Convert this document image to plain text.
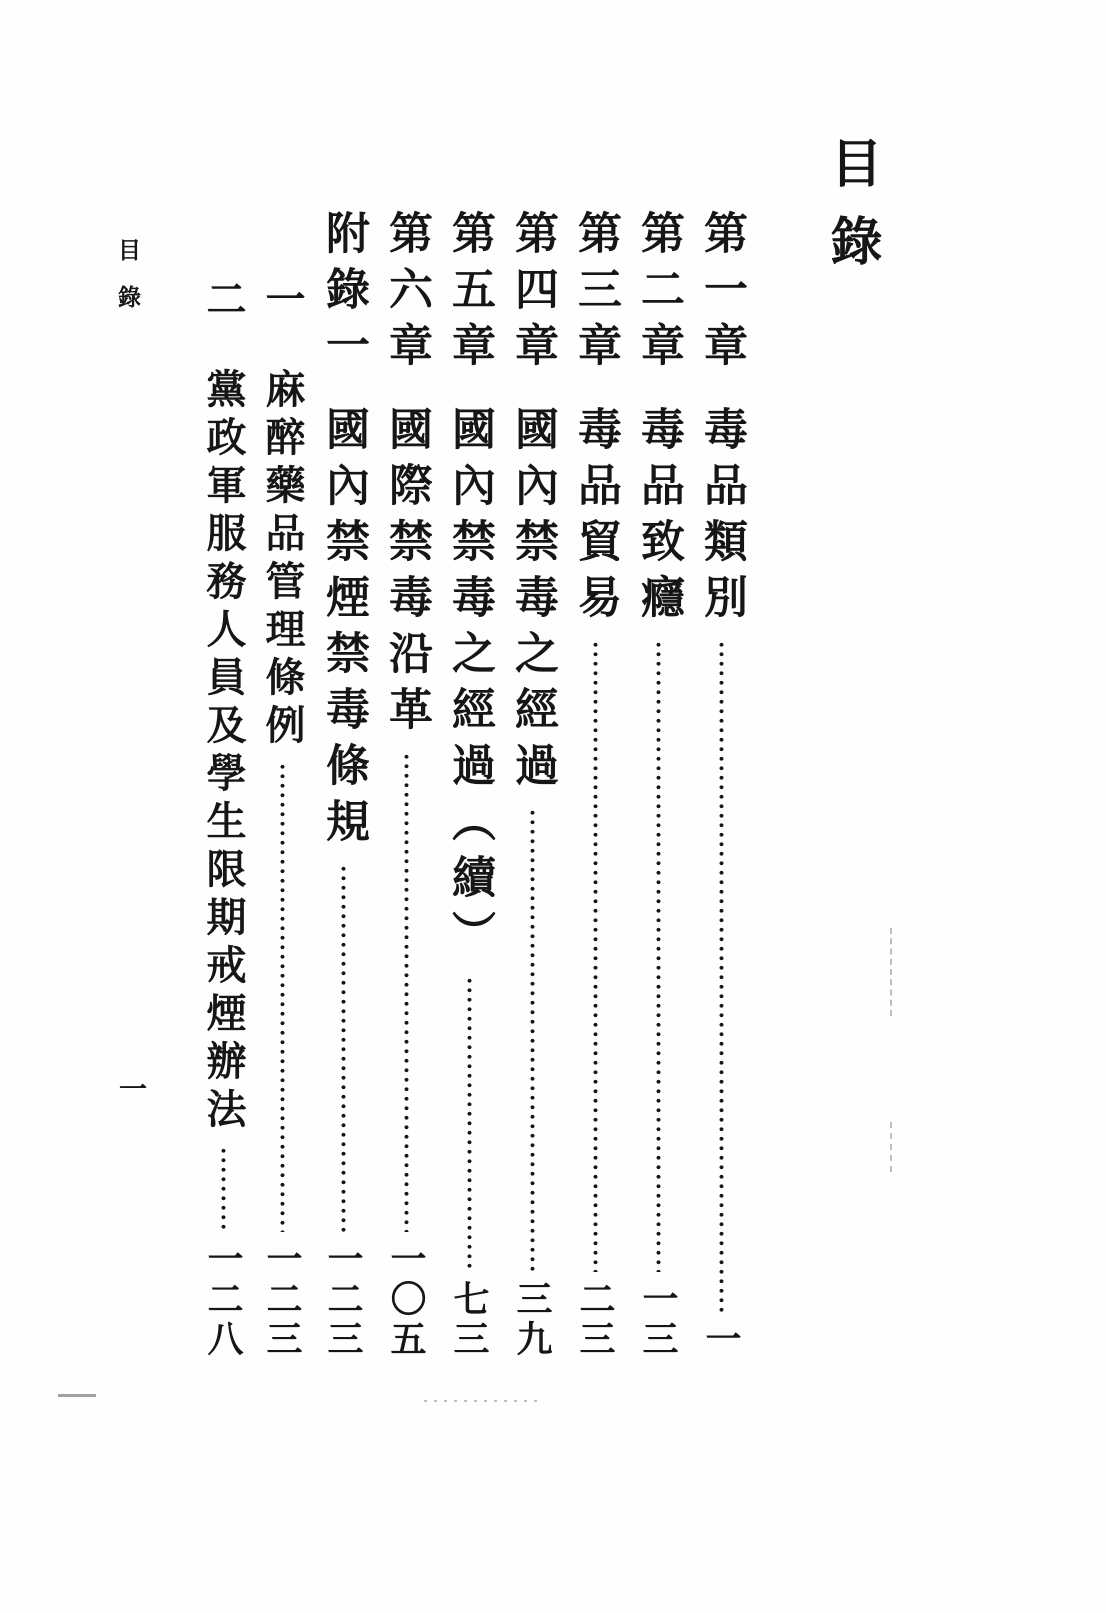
目錄
目錄
一
第一章
毒品類別
一
第二章
毒品致癮
一三
第三章
毒品貿易
二三
第四章
國內禁毒之經過
三九
第五章
國內禁毒之經過（續）
七三
第六章
國際禁毒沿革
一〇五
附錄一
國內禁煙禁毒條規
一二三
一
麻醉藥品管理條例
一二三
二
黨政軍服務人員及學生限期戒煙辦法
一二八
